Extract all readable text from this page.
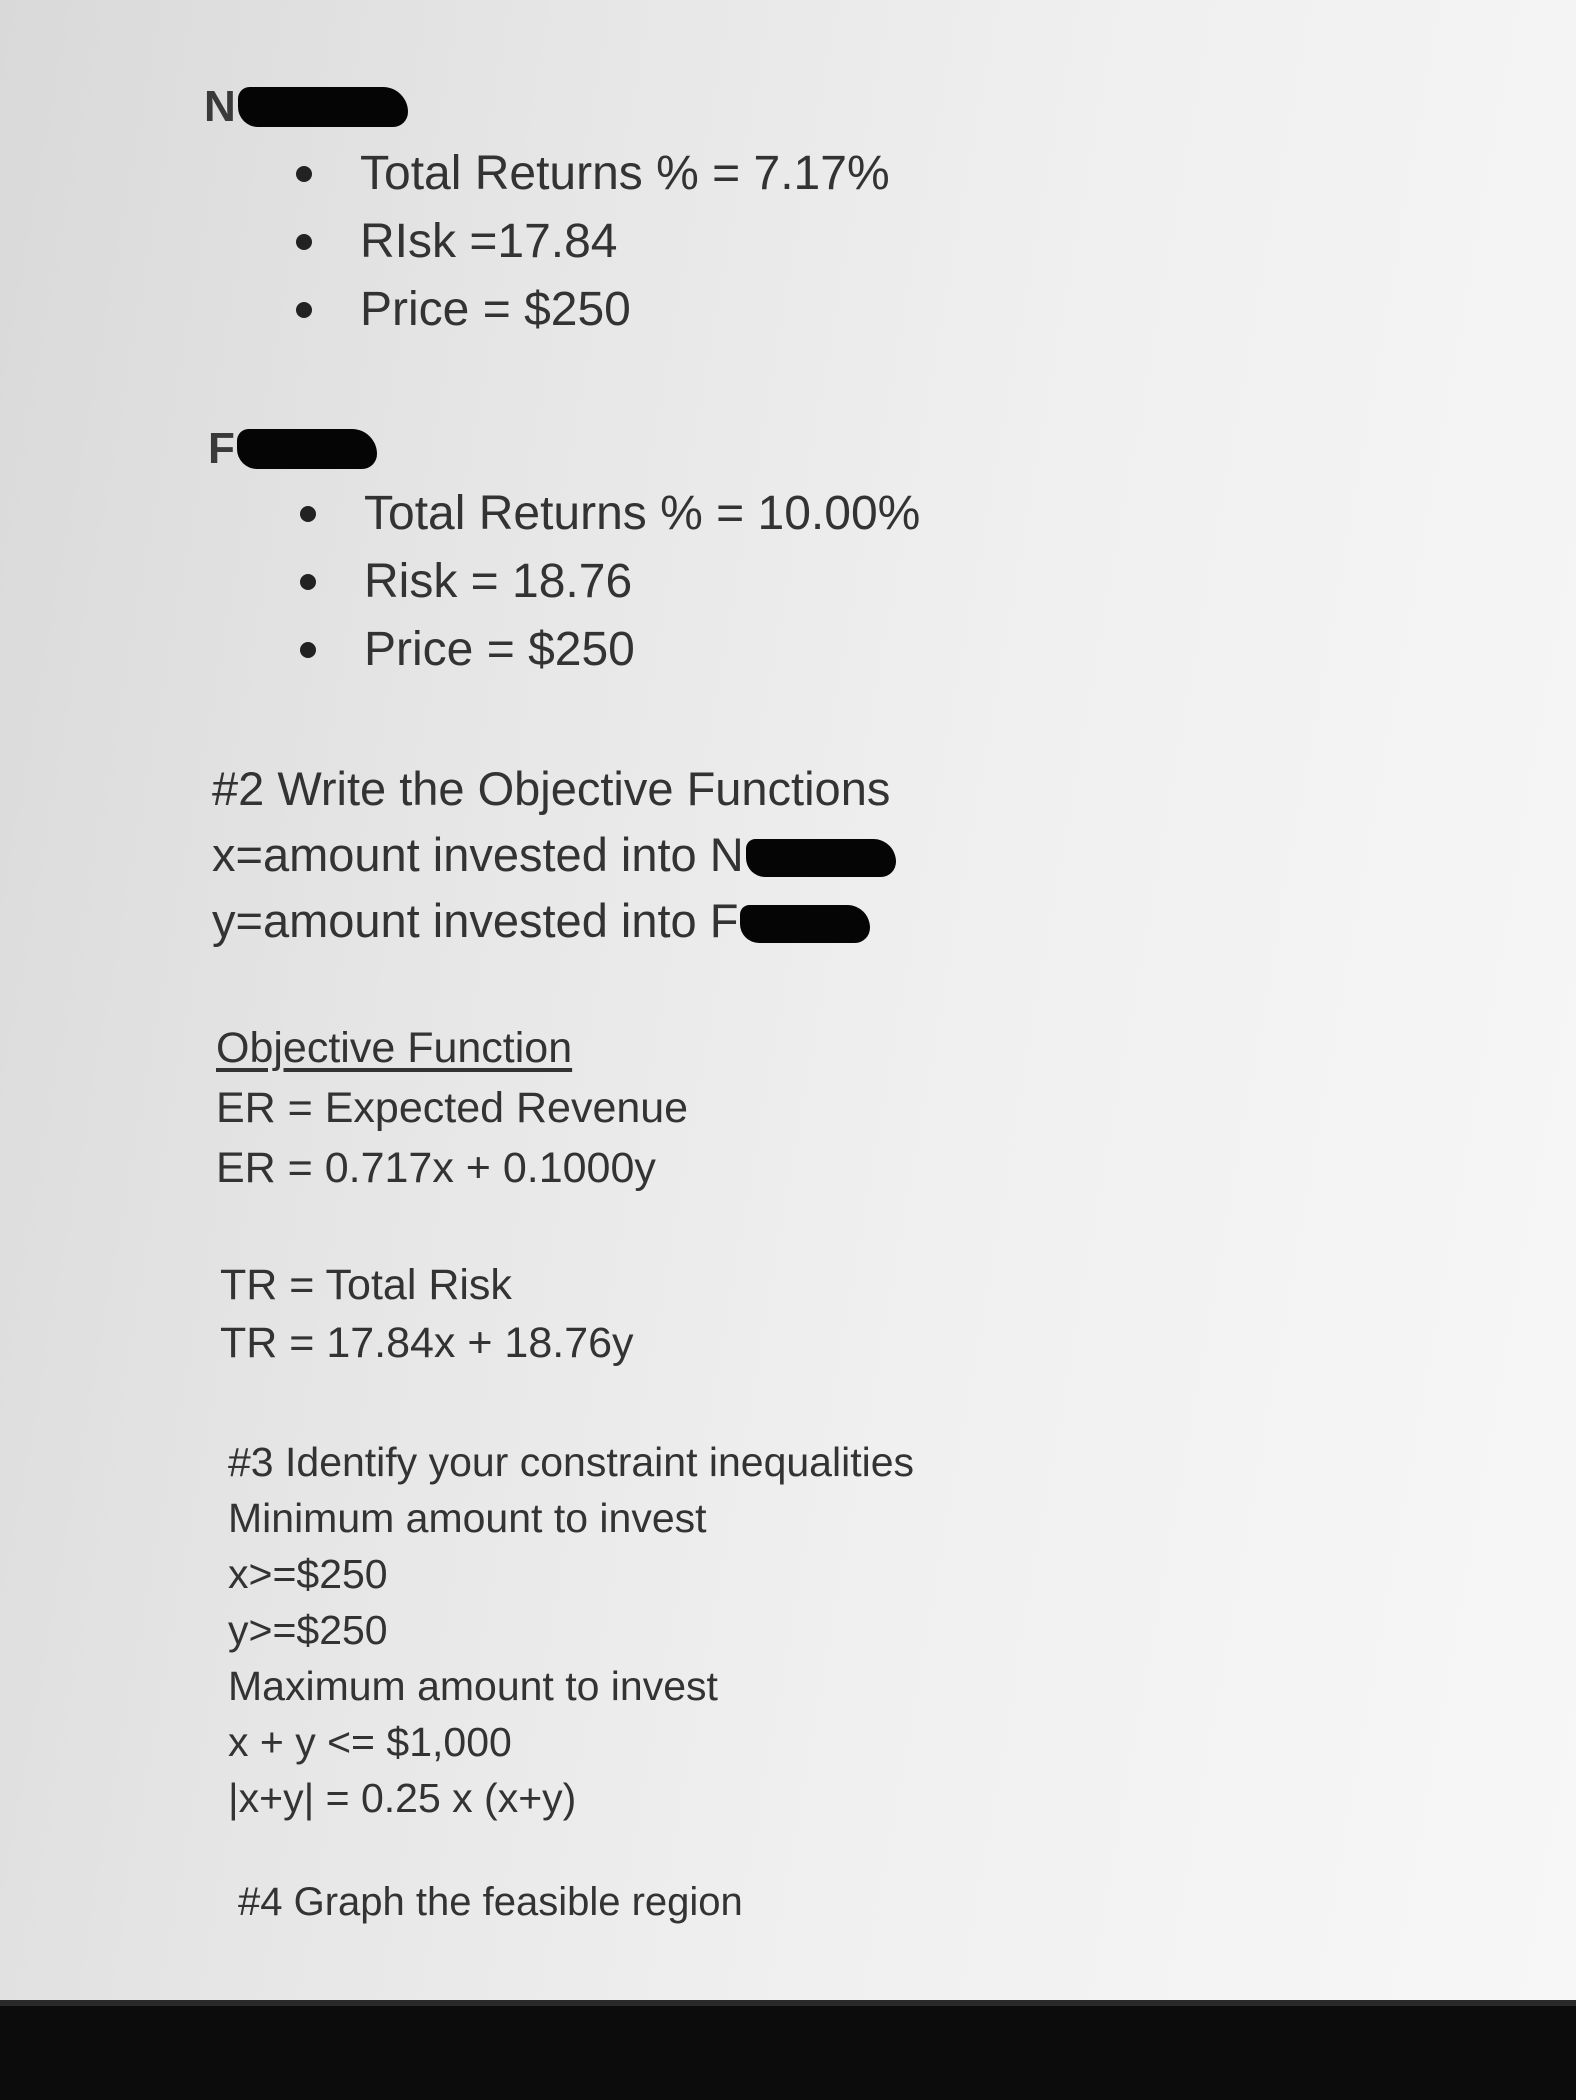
N
Total Returns % = 7.17%
RIsk =17.84
Price = $250
F
Total Returns % = 10.00%
Risk = 18.76
Price = $250
#2 Write the Objective Functions
x=amount invested into N
y=amount invested into F
Objective Function
ER = Expected Revenue
ER = 0.717x + 0.1000y
TR = Total Risk
TR = 17.84x + 18.76y
#3 Identify your constraint inequalities
Minimum amount to invest
x>=$250
y>=$250
Maximum amount to invest
x + y <= $1,000
|x+y| = 0.25 x (x+y)
#4 Graph the feasible region
